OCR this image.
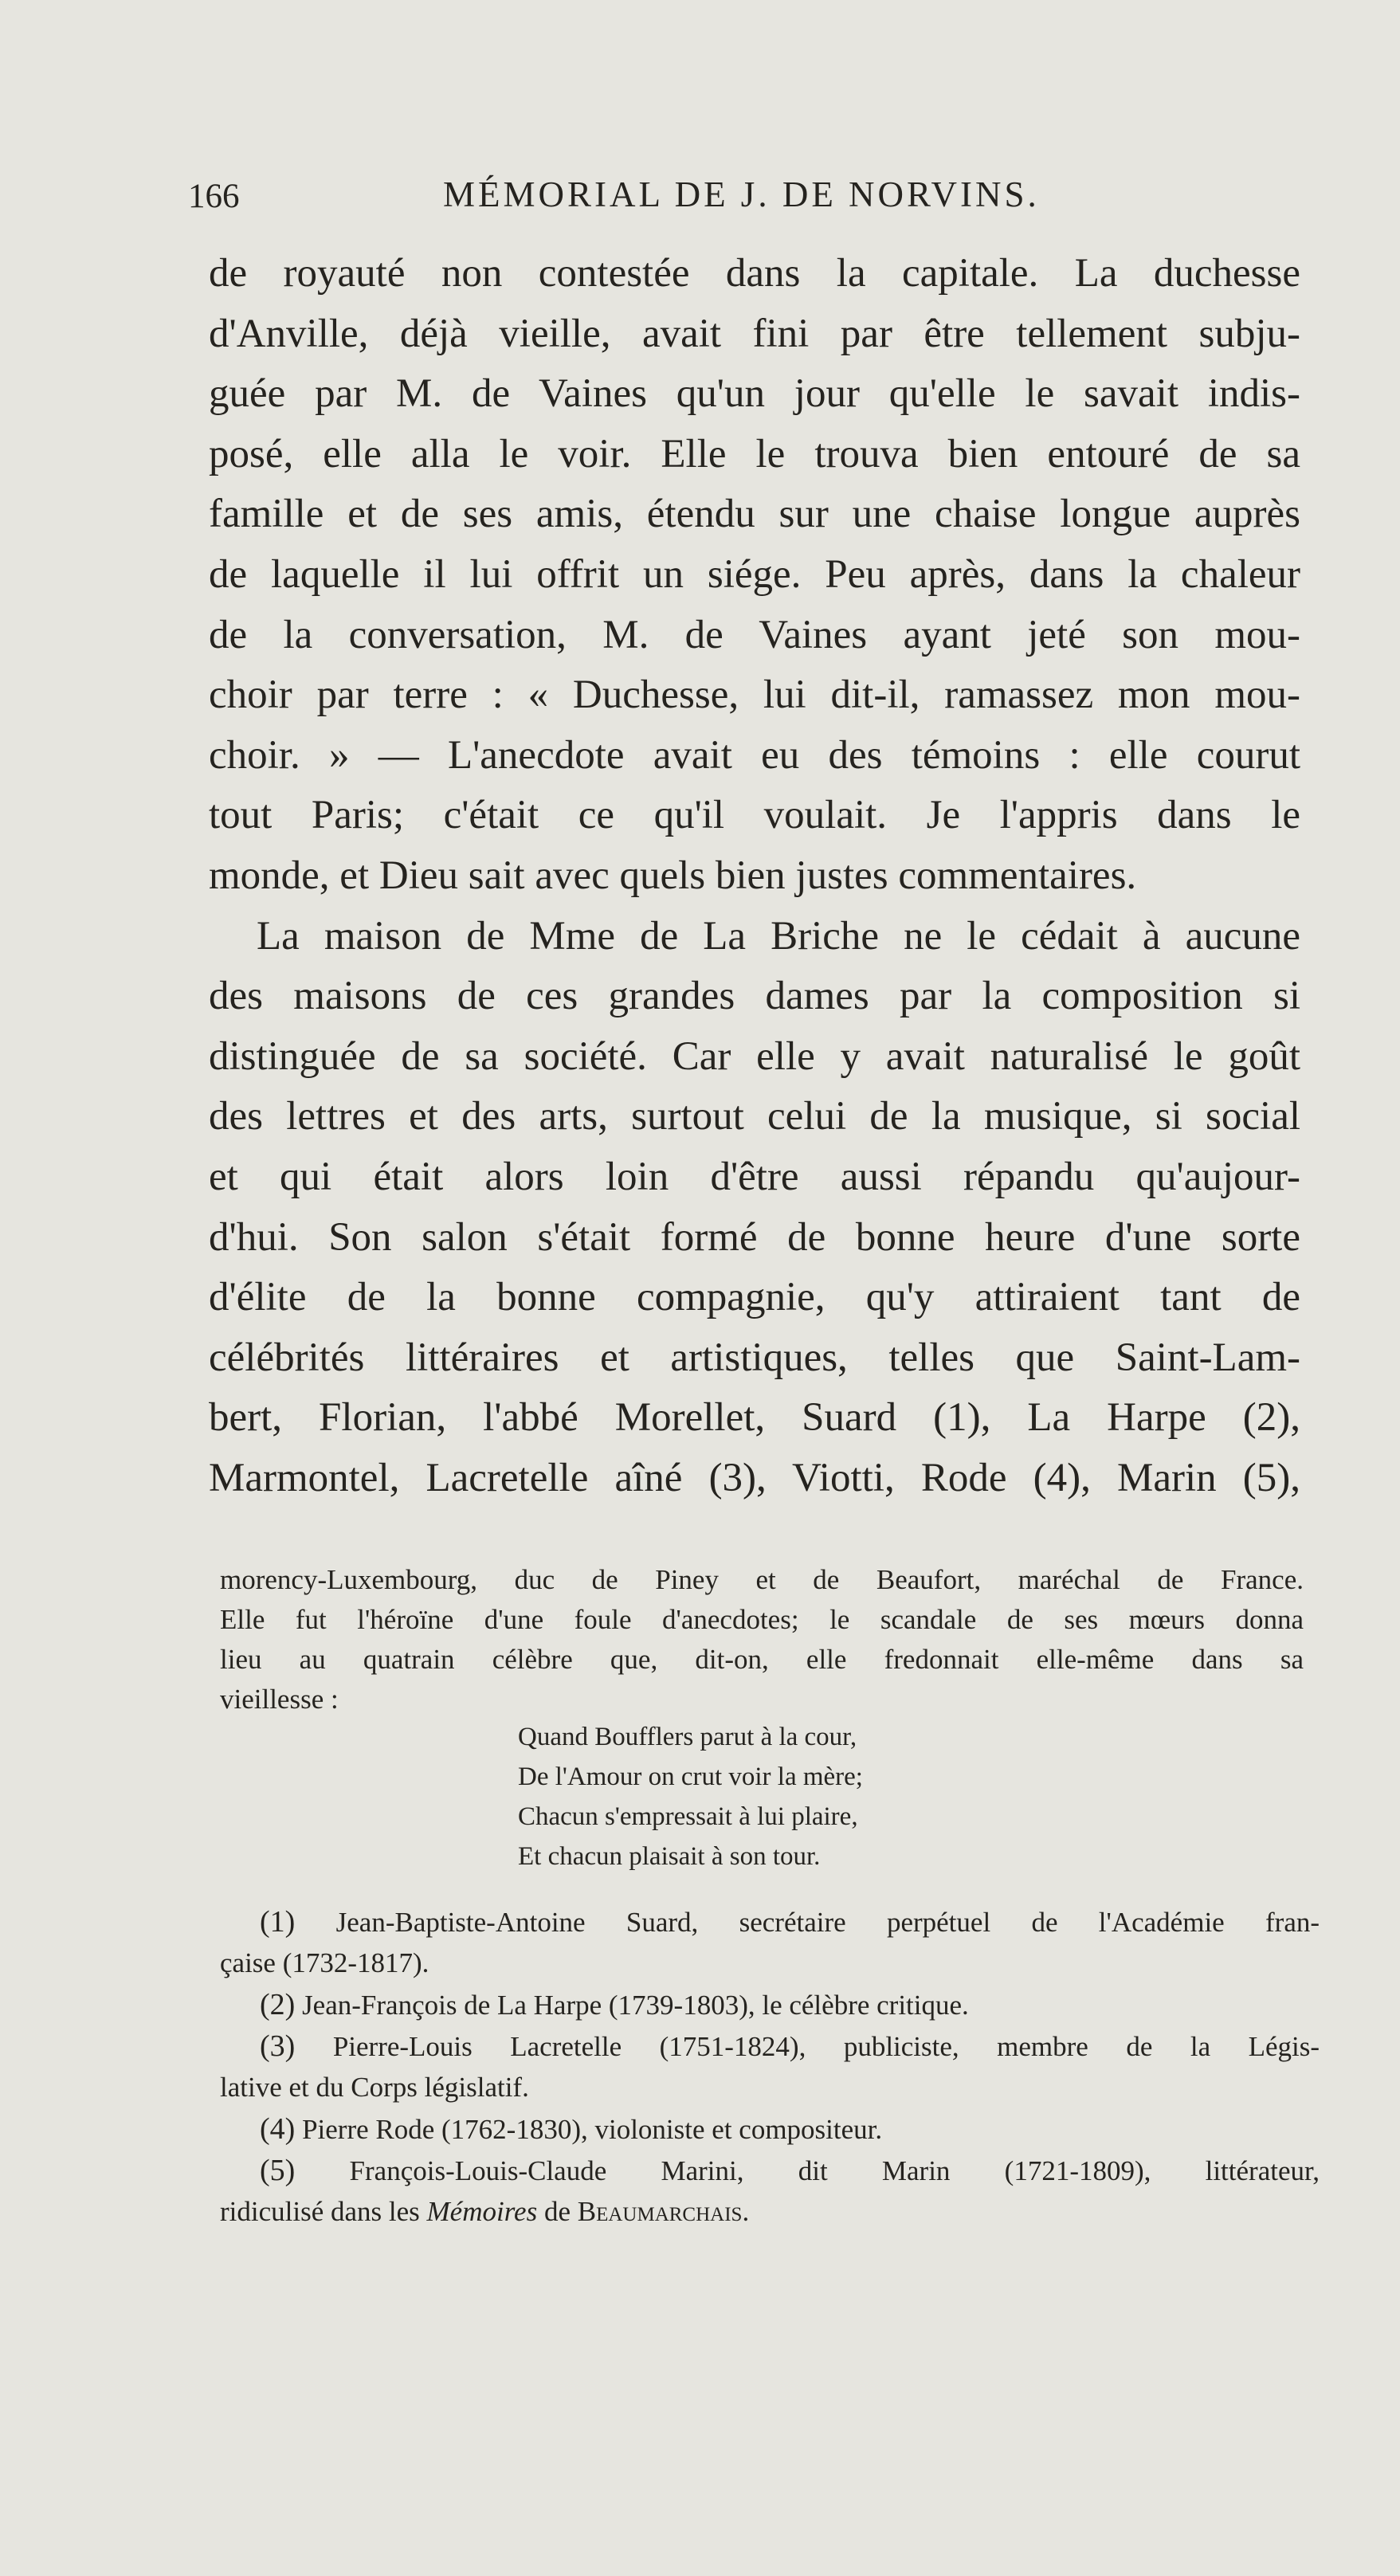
166	MÉMORIAL DE J. DE NORVINS.
de royauté non contestée dans la capitale. La duchesse
d'Anville, déjà vieille, avait fini par être tellement subju-
guée par M. de Vaines qu'un jour qu'elle le savait indis-
posé, elle alla le voir. Elle le trouva bien entouré de sa
famille et de ses amis, étendu sur une chaise longue auprès
de laquelle il lui offrit un siége. Peu après, dans la chaleur
de la conversation, M. de Vaines ayant jeté son mou-
choir par terre : « Duchesse, lui dit-il, ramassez mon mou-
choir. » — L'anecdote avait eu des témoins : elle courut
tout Paris; c'était ce qu'il voulait. Je l'appris dans le
monde, et Dieu sait avec quels bien justes commentaires.
La maison de Mme de La Briche ne le cédait à aucune
des maisons de ces grandes dames par la composition si
distinguée de sa société. Car elle y avait naturalisé le goût
des lettres et des arts, surtout celui de la musique, si social
et qui était alors loin d'être aussi répandu qu'aujour-
d'hui. Son salon s'était formé de bonne heure d'une sorte
d'élite de la bonne compagnie, qu'y attiraient tant de
célébrités littéraires et artistiques, telles que Saint-Lam-
bert, Florian, l'abbé Morellet, Suard (1), La Harpe (2),
Marmontel, Lacretelle aîné (3), Viotti, Rode (4), Marin (5),
morency-Luxembourg, duc de Piney et de Beaufort, maréchal de France.
Elle fut l'héroïne d'une foule d'anecdotes; le scandale de ses mœurs donna
lieu au quatrain célèbre que, dit-on, elle fredonnait elle-même dans sa
vieillesse :
Quand Boufflers parut à la cour,
De l'Amour on crut voir la mère;
Chacun s'empressait à lui plaire,
Et chacun plaisait à son tour.
(1) Jean-Baptiste-Antoine Suard, secrétaire perpétuel de l'Académie fran-
çaise (1732-1817).
(2) Jean-François de La Harpe (1739-1803), le célèbre critique.
(3) Pierre-Louis Lacretelle (1751-1824), publiciste, membre de la Légis-
lative et du Corps législatif.
(4) Pierre Rode (1762-1830), violoniste et compositeur.
(5) François-Louis-Claude Marini, dit Marin (1721-1809), littérateur,
ridiculisé dans les Mémoires de Beaumarchais.
